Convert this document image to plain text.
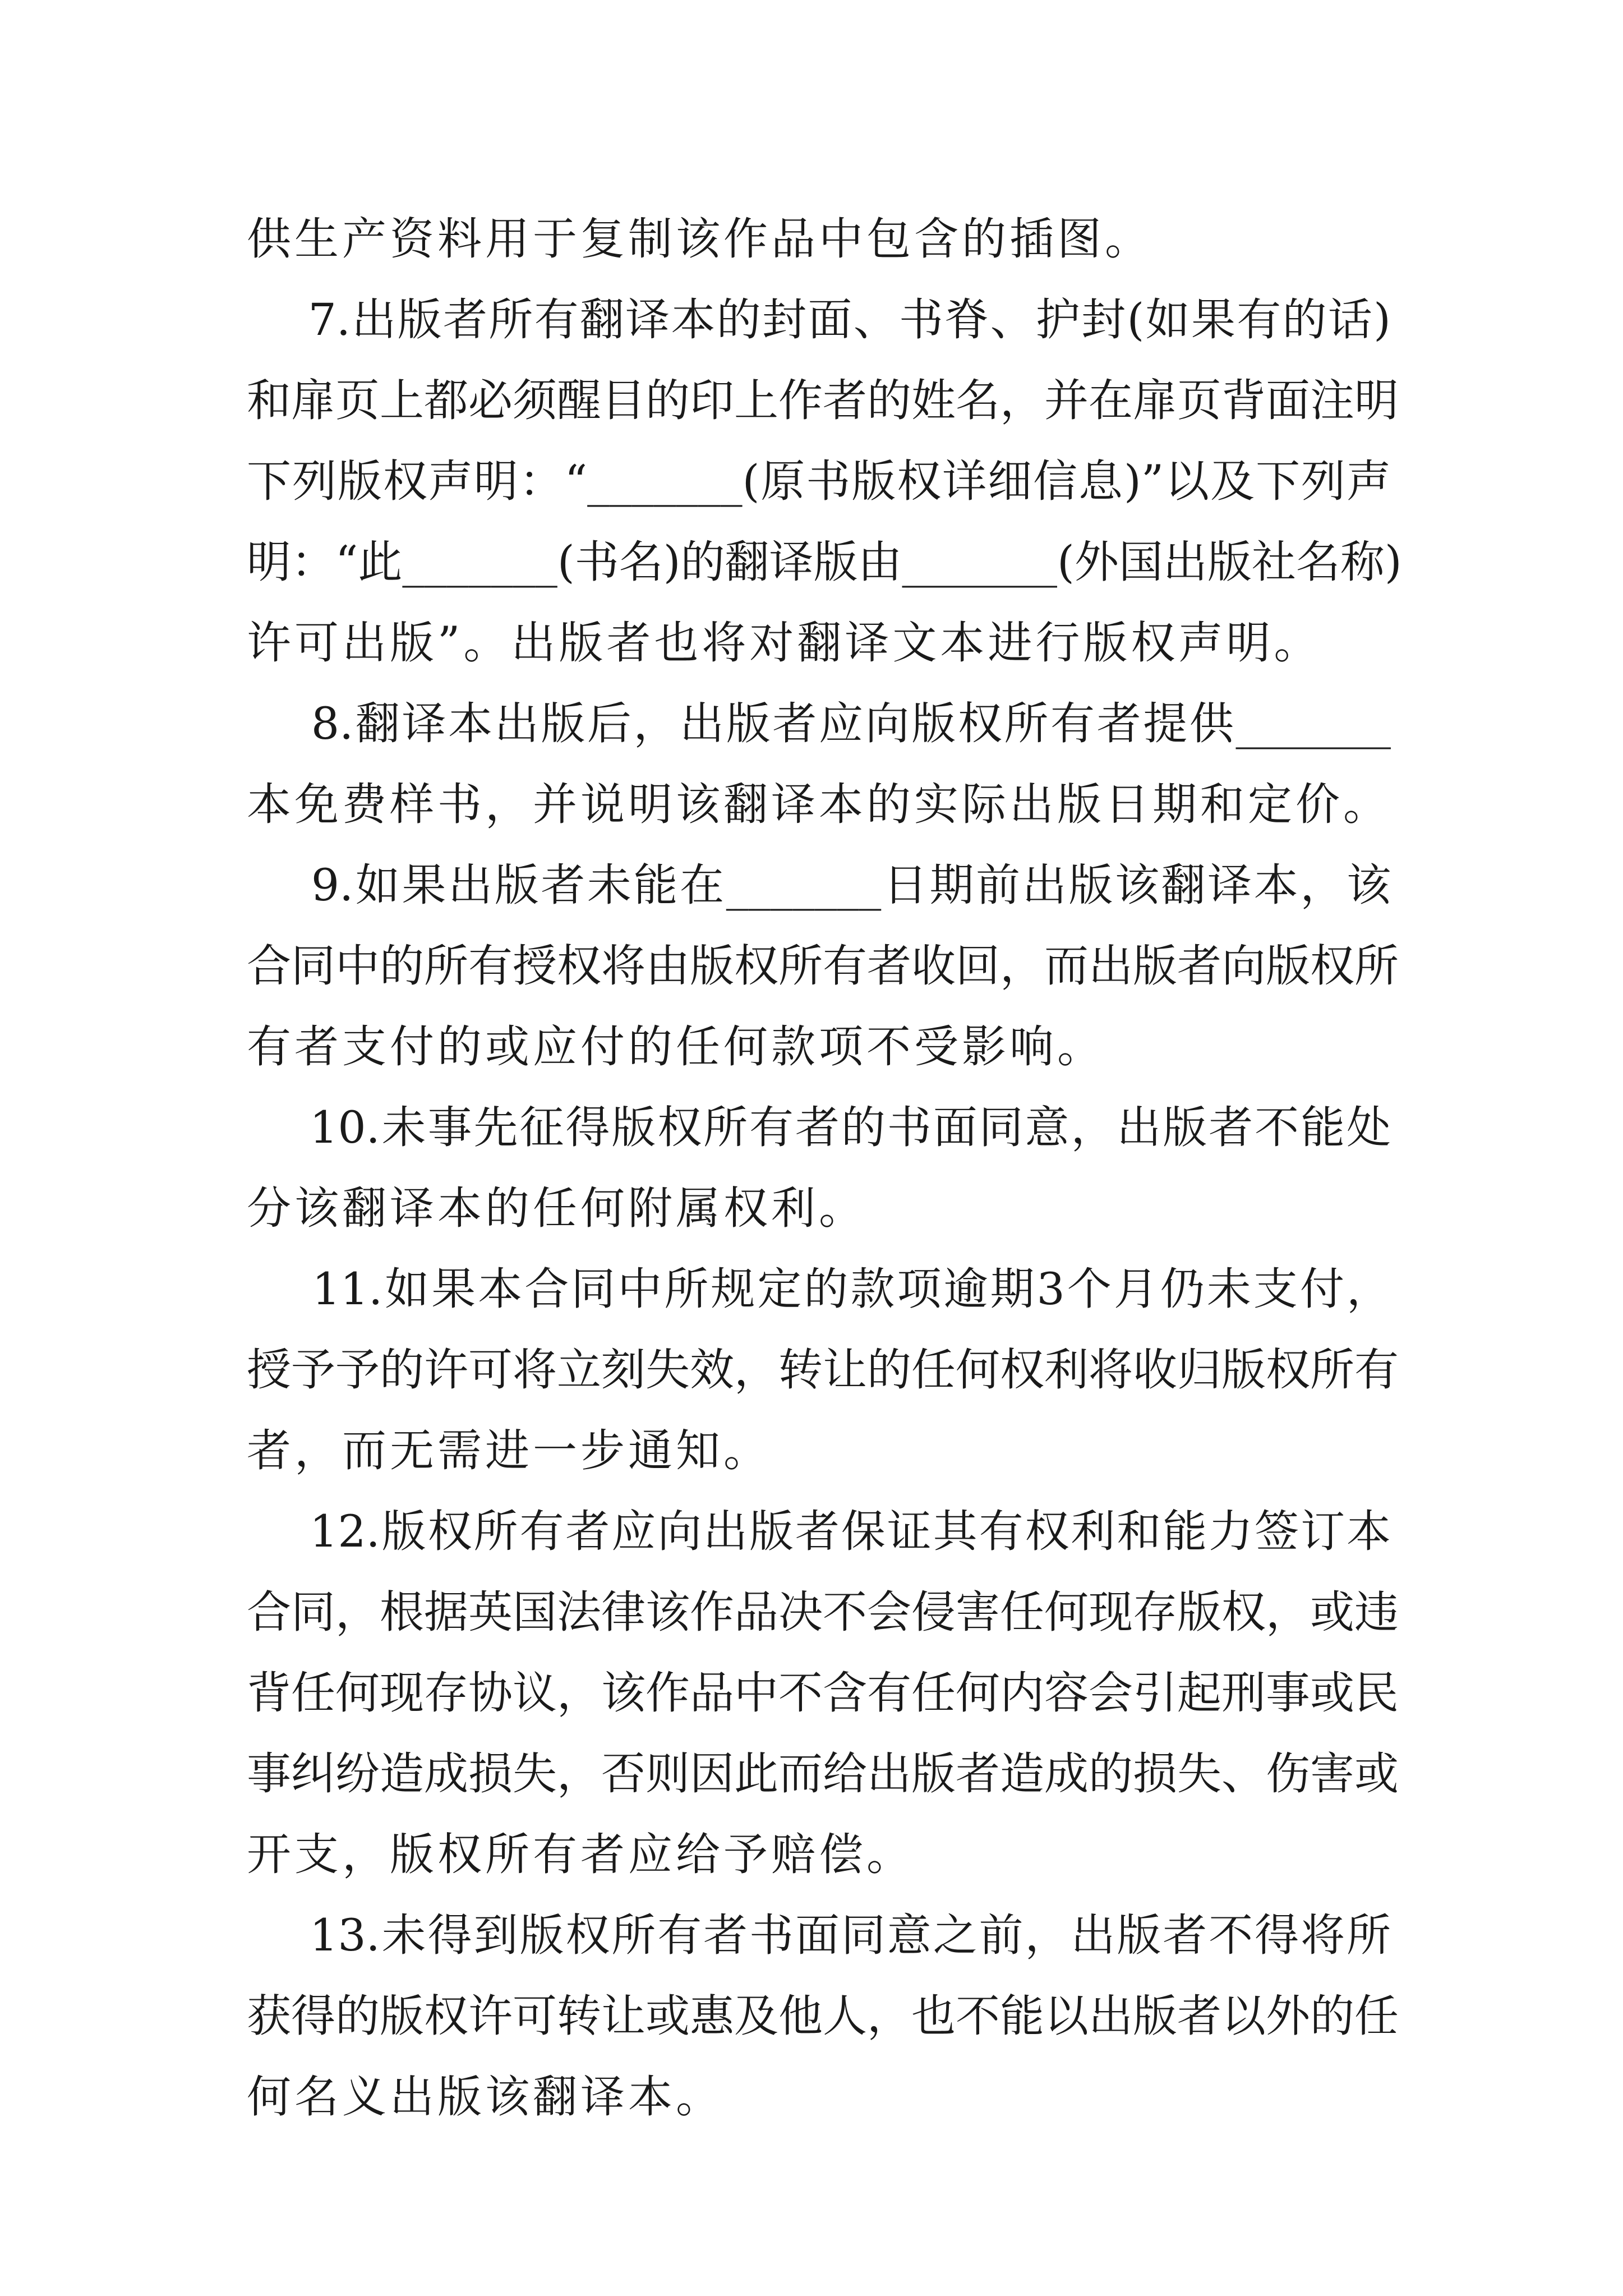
供生产资料用于复制该作品中包含的插图。
7.出版者所有翻译本的封面、书脊、护封(如果有的话)
和扉页上都必须醒目的印上作者的姓名，并在扉页背面注明
下列版权声明：“_______(原书版权详细信息)”以及下列声
明：“此_______(书名)的翻译版由_______(外国出版社名称)
许可出版”。出版者也将对翻译文本进行版权声明。
8.翻译本出版后，出版者应向版权所有者提供_______
本免费样书，并说明该翻译本的实际出版日期和定价。
9.如果出版者未能在_______日期前出版该翻译本，该
合同中的所有授权将由版权所有者收回，而出版者向版权所
有者支付的或应付的任何款项不受影响。
10.未事先征得版权所有者的书面同意，出版者不能处
分该翻译本的任何附属权利。
11.如果本合同中所规定的款项逾期3个月仍未支付，
授予予的许可将立刻失效，转让的任何权利将收归版权所有
者，而无需进一步通知。
12.版权所有者应向出版者保证其有权利和能力签订本
合同，根据英国法律该作品决不会侵害任何现存版权，或违
背任何现存协议，该作品中不含有任何内容会引起刑事或民
事纠纷造成损失，否则因此而给出版者造成的损失、伤害或
开支，版权所有者应给予赔偿。
13.未得到版权所有者书面同意之前，出版者不得将所
获得的版权许可转让或惠及他人，也不能以出版者以外的任
何名义出版该翻译本。
